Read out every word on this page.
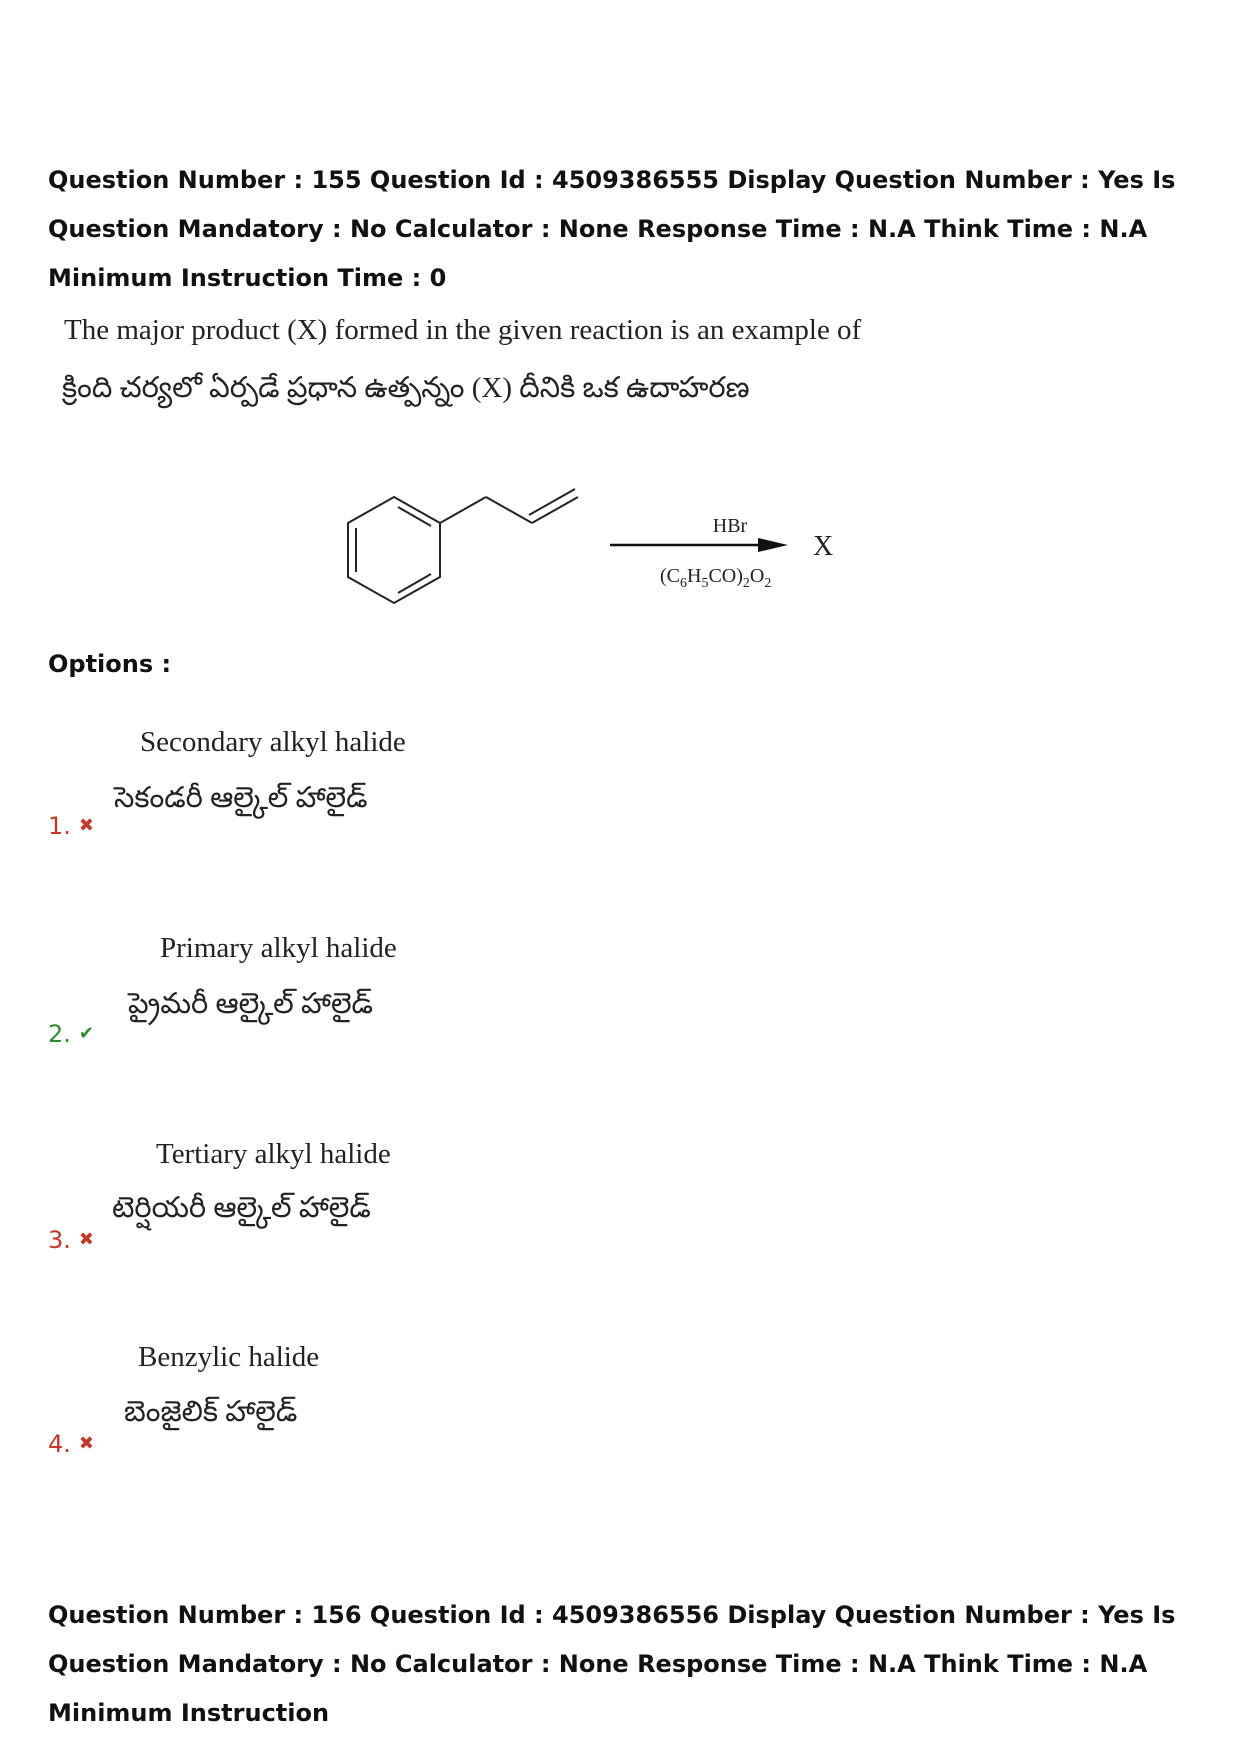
Question Number : 155 Question Id : 4509386555 Display Question Number : Yes Is Question Mandatory : No Calculator : None Response Time : N.A Think Time : N.A Minimum Instruction Time : 0
The major product (X) formed in the given reaction is an example of
క్రింది చర్యలో ఏర్పడే ప్రధాన ఉత్పన్నం (X) దీనికి ఒక ఉదాహరణ
HBr
$(C_6H_5CO)_2O_2$
X
Options :
Secondary alkyl halide
సెకండరీ ఆల్కైల్ హాలైడ్
1. ✖
Primary alkyl halide
ప్రైమరీ ఆల్కైల్ హాలైడ్
2. ✔
Tertiary alkyl halide
టెర్షియరీ ఆల్కైల్ హాలైడ్
3. ✖
Benzylic halide
బెంజైలిక్ హాలైడ్
4. ✖
Question Number : 156 Question Id : 4509386556 Display Question Number : Yes Is Question Mandatory : No Calculator : None Response Time : N.A Think Time : N.A Minimum Instruction
